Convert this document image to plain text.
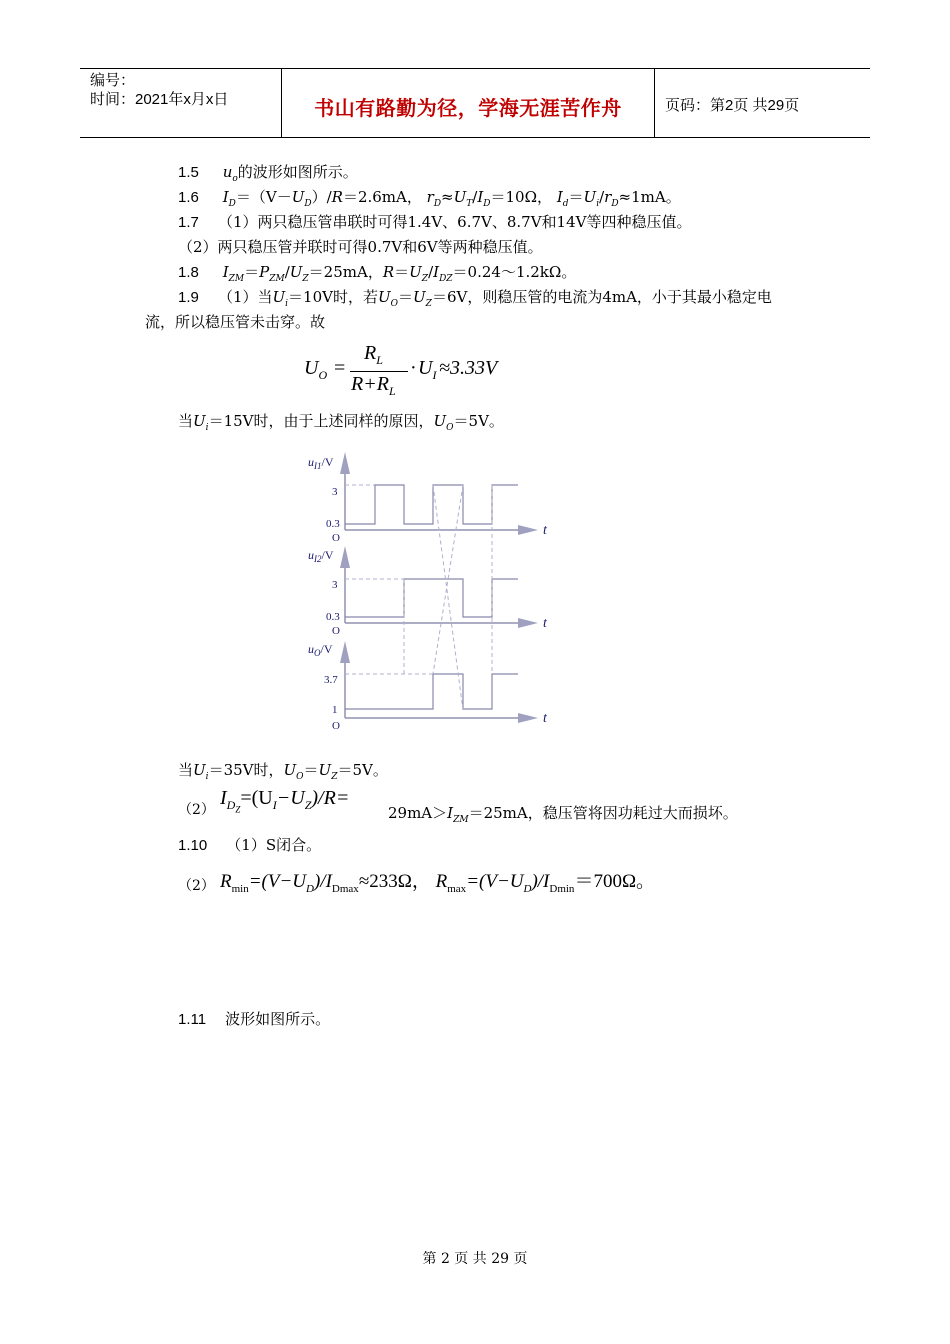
编号：
时间：2021年x月x日	书山有路勤为径，学海无涯苦作舟	页码：第2页 共29页
1.5 $u_o$的波形如图所示。
1.6 $I_D=(V-U_D)/R=2.6mA$， $r_D\approx U_T/I_D=10\Omega$， $I_d=U_i/r_D\approx 1mA$。
1.7 （1）两只稳压管串联时可得1.4V、6.7V、8.7V和14V等四种稳压值。
（2）两只稳压管并联时可得0.7V和6V等两种稳压值。
1.8 $I_{ZM}=P_{ZM}/U_Z=25mA$，$R=U_Z/I_{DZ}=0.24\sim 1.2k\Omega$。
1.9 （1）当$U_i=10V$时，若$U_O=U_Z=6V$，则稳压管的电流为4mA，小于其最小稳定电
流，所以稳压管未击穿。故
$U_O$ =
$R_L$
$R+R_L$
· $U_I \approx 3.33V$
当$U_i=15V$时，由于上述同样的原因，$U_O=5V$。
$u_{I1}/V$
3
0.3
O	t
$u_{I2}/V$
3
0.3
O	t
$u_O/V$
3.7
1
O	t
当$U_i=35V$时，$U_O=U_Z=5V$。
（2）
$I_{D_Z}=(U_I-U_Z)/R=$
$29mA>I_{ZM}=25mA$，稳压管将因功耗过大而损坏。
1.10 （1）S闭合。
（2） $R_{min}=(V-U_D)/I_{Dmax}\approx 233\Omega$， $R_{max}=(V-U_D)/I_{Dmin}=700\Omega$。
1.11 波形如图所示。
第 2 页 共 29 页
